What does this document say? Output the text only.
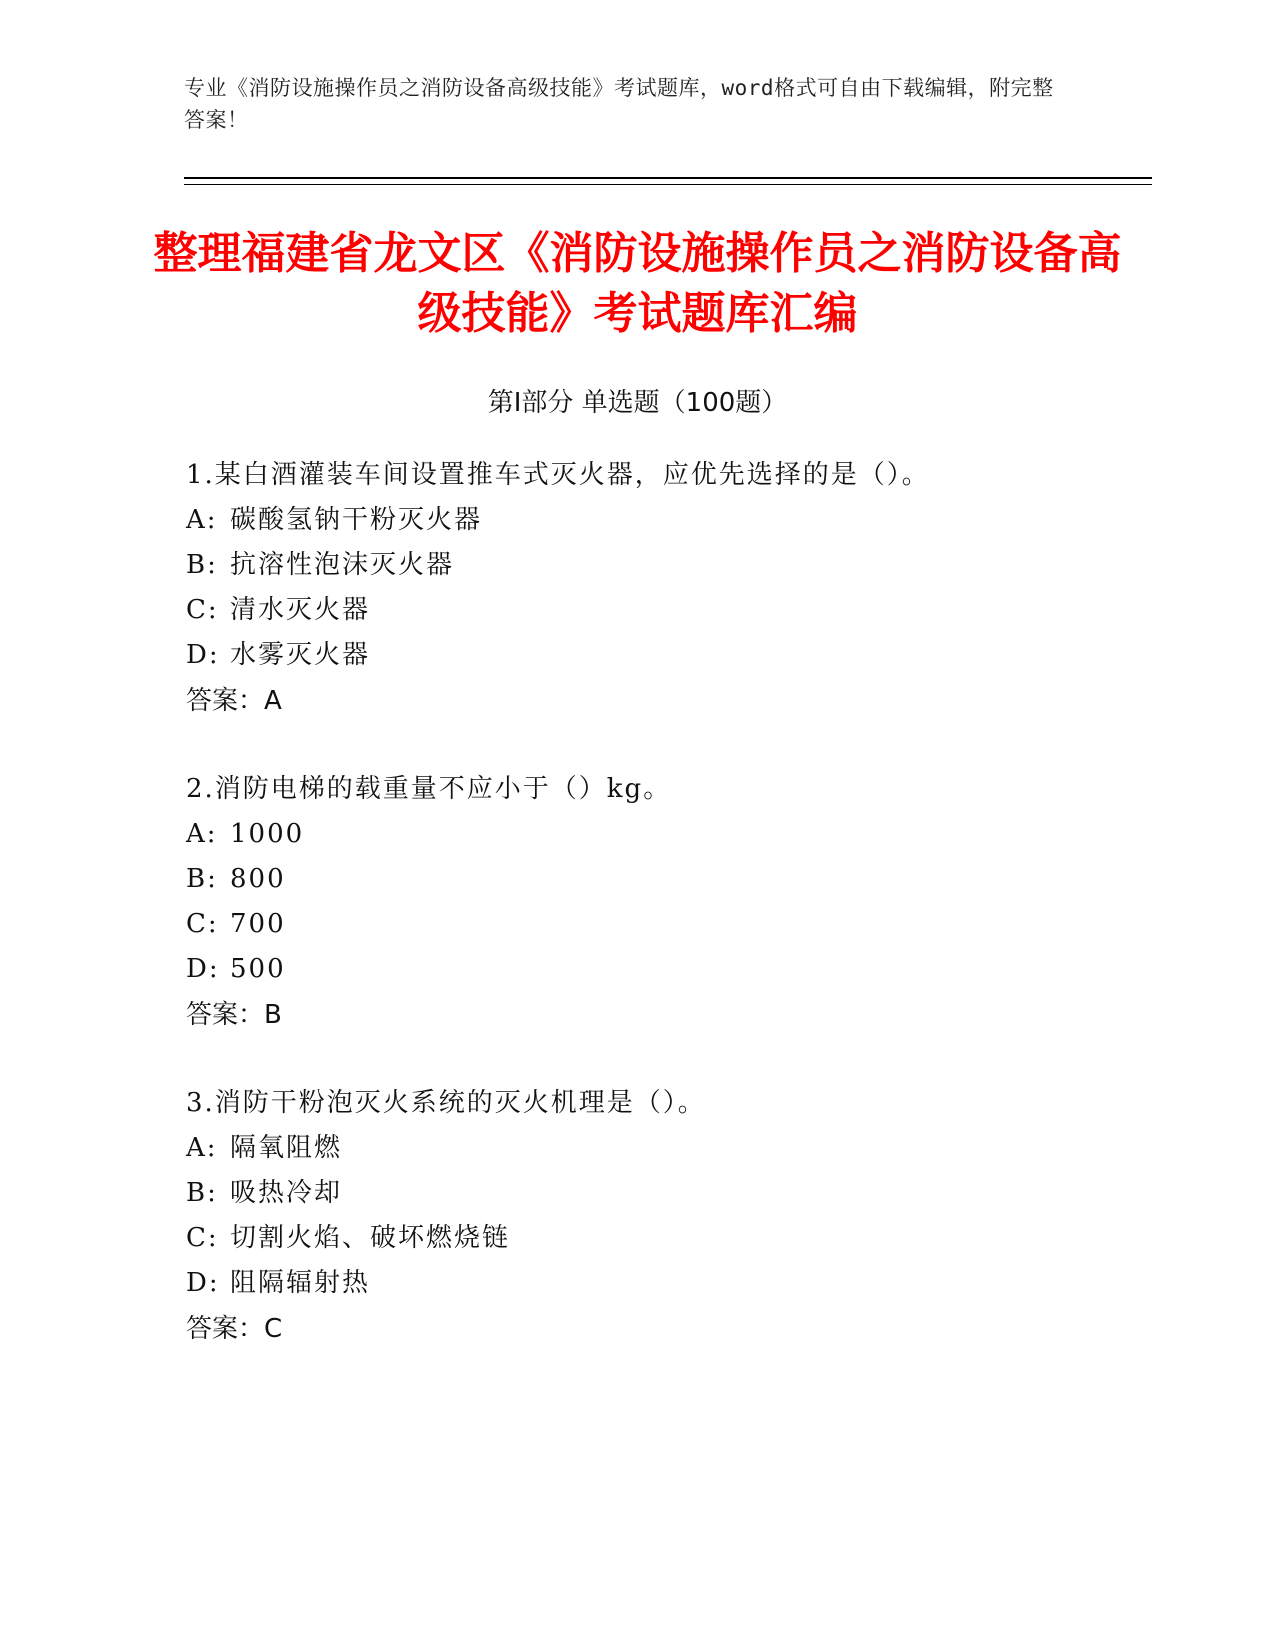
专业《消防设施操作员之消防设备高级技能》考试题库，word格式可自由下载编辑，附完整答案！
整理福建省龙文区《消防设施操作员之消防设备高级技能》考试题库汇编
第Ⅰ部分 单选题（100题）
1.某白酒灌装车间设置推车式灭火器，应优先选择的是（）。
A: 碳酸氢钠干粉灭火器
B: 抗溶性泡沫灭火器
C: 清水灭火器
D: 水雾灭火器
答案：A
2.消防电梯的载重量不应小于（）kg。
A: 1000
B: 800
C: 700
D: 500
答案：B
3.消防干粉泡灭火系统的灭火机理是（）。
A: 隔氧阻燃
B: 吸热冷却
C: 切割火焰、破坏燃烧链
D: 阻隔辐射热
答案：C
